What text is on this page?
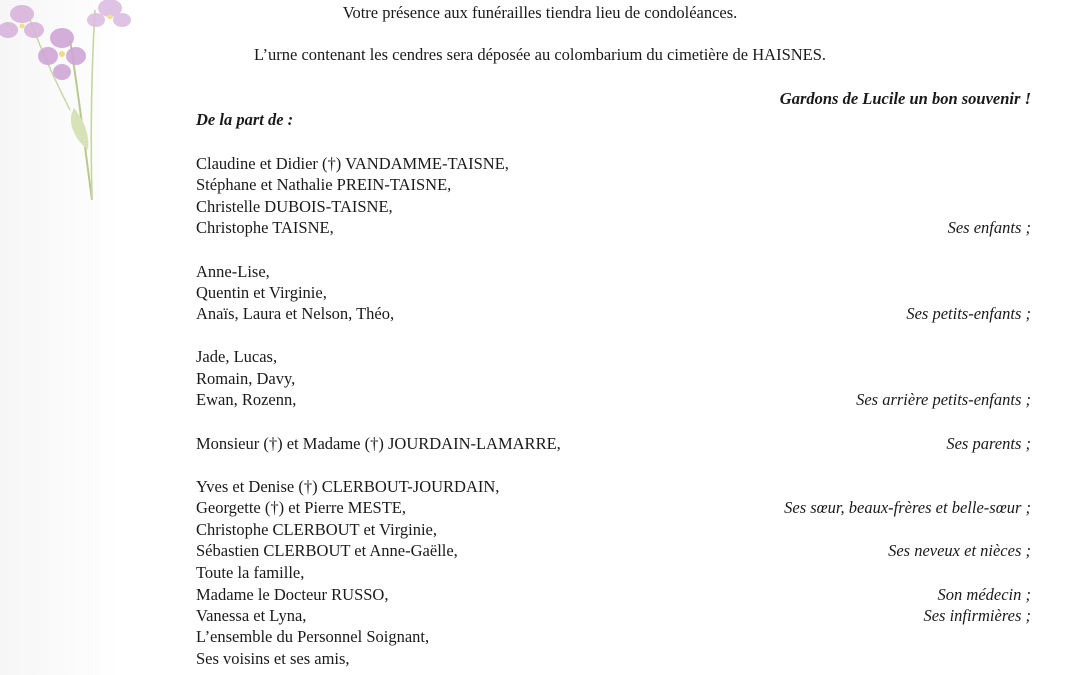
Votre présence aux funérailles tiendra lieu de condoléances.
L’urne contenant les cendres sera déposée au colombarium du cimetière de HAISNES.
Gardons de Lucile un bon souvenir !
De la part de :
Claudine et Didier (†) VANDAMME-TAISNE,
Stéphane et Nathalie PREIN-TAISNE,
Christelle DUBOIS-TAISNE,
Christophe TAISNE,	Ses enfants ;
Anne-Lise,
Quentin et Virginie,
Anaïs, Laura et Nelson, Théo,	Ses petits-enfants ;
Jade, Lucas,
Romain, Davy,
Ewan, Rozenn,	Ses arrière petits-enfants ;
Monsieur (†) et Madame (†) JOURDAIN-LAMARRE,	Ses parents ;
Yves et Denise (†) CLERBOUT-JOURDAIN,
Georgette (†) et Pierre MESTE,	Ses sœur, beaux-frères et belle-sœur ;
Christophe CLERBOUT et Virginie,
Sébastien CLERBOUT et Anne-Gaëlle,	Ses neveux et nièces ;
Toute la famille,
Madame le Docteur RUSSO,	Son médecin ;
Vanessa et Lyna,	Ses infirmières ;
L’ensemble du Personnel Soignant,
Ses voisins et ses amis,
